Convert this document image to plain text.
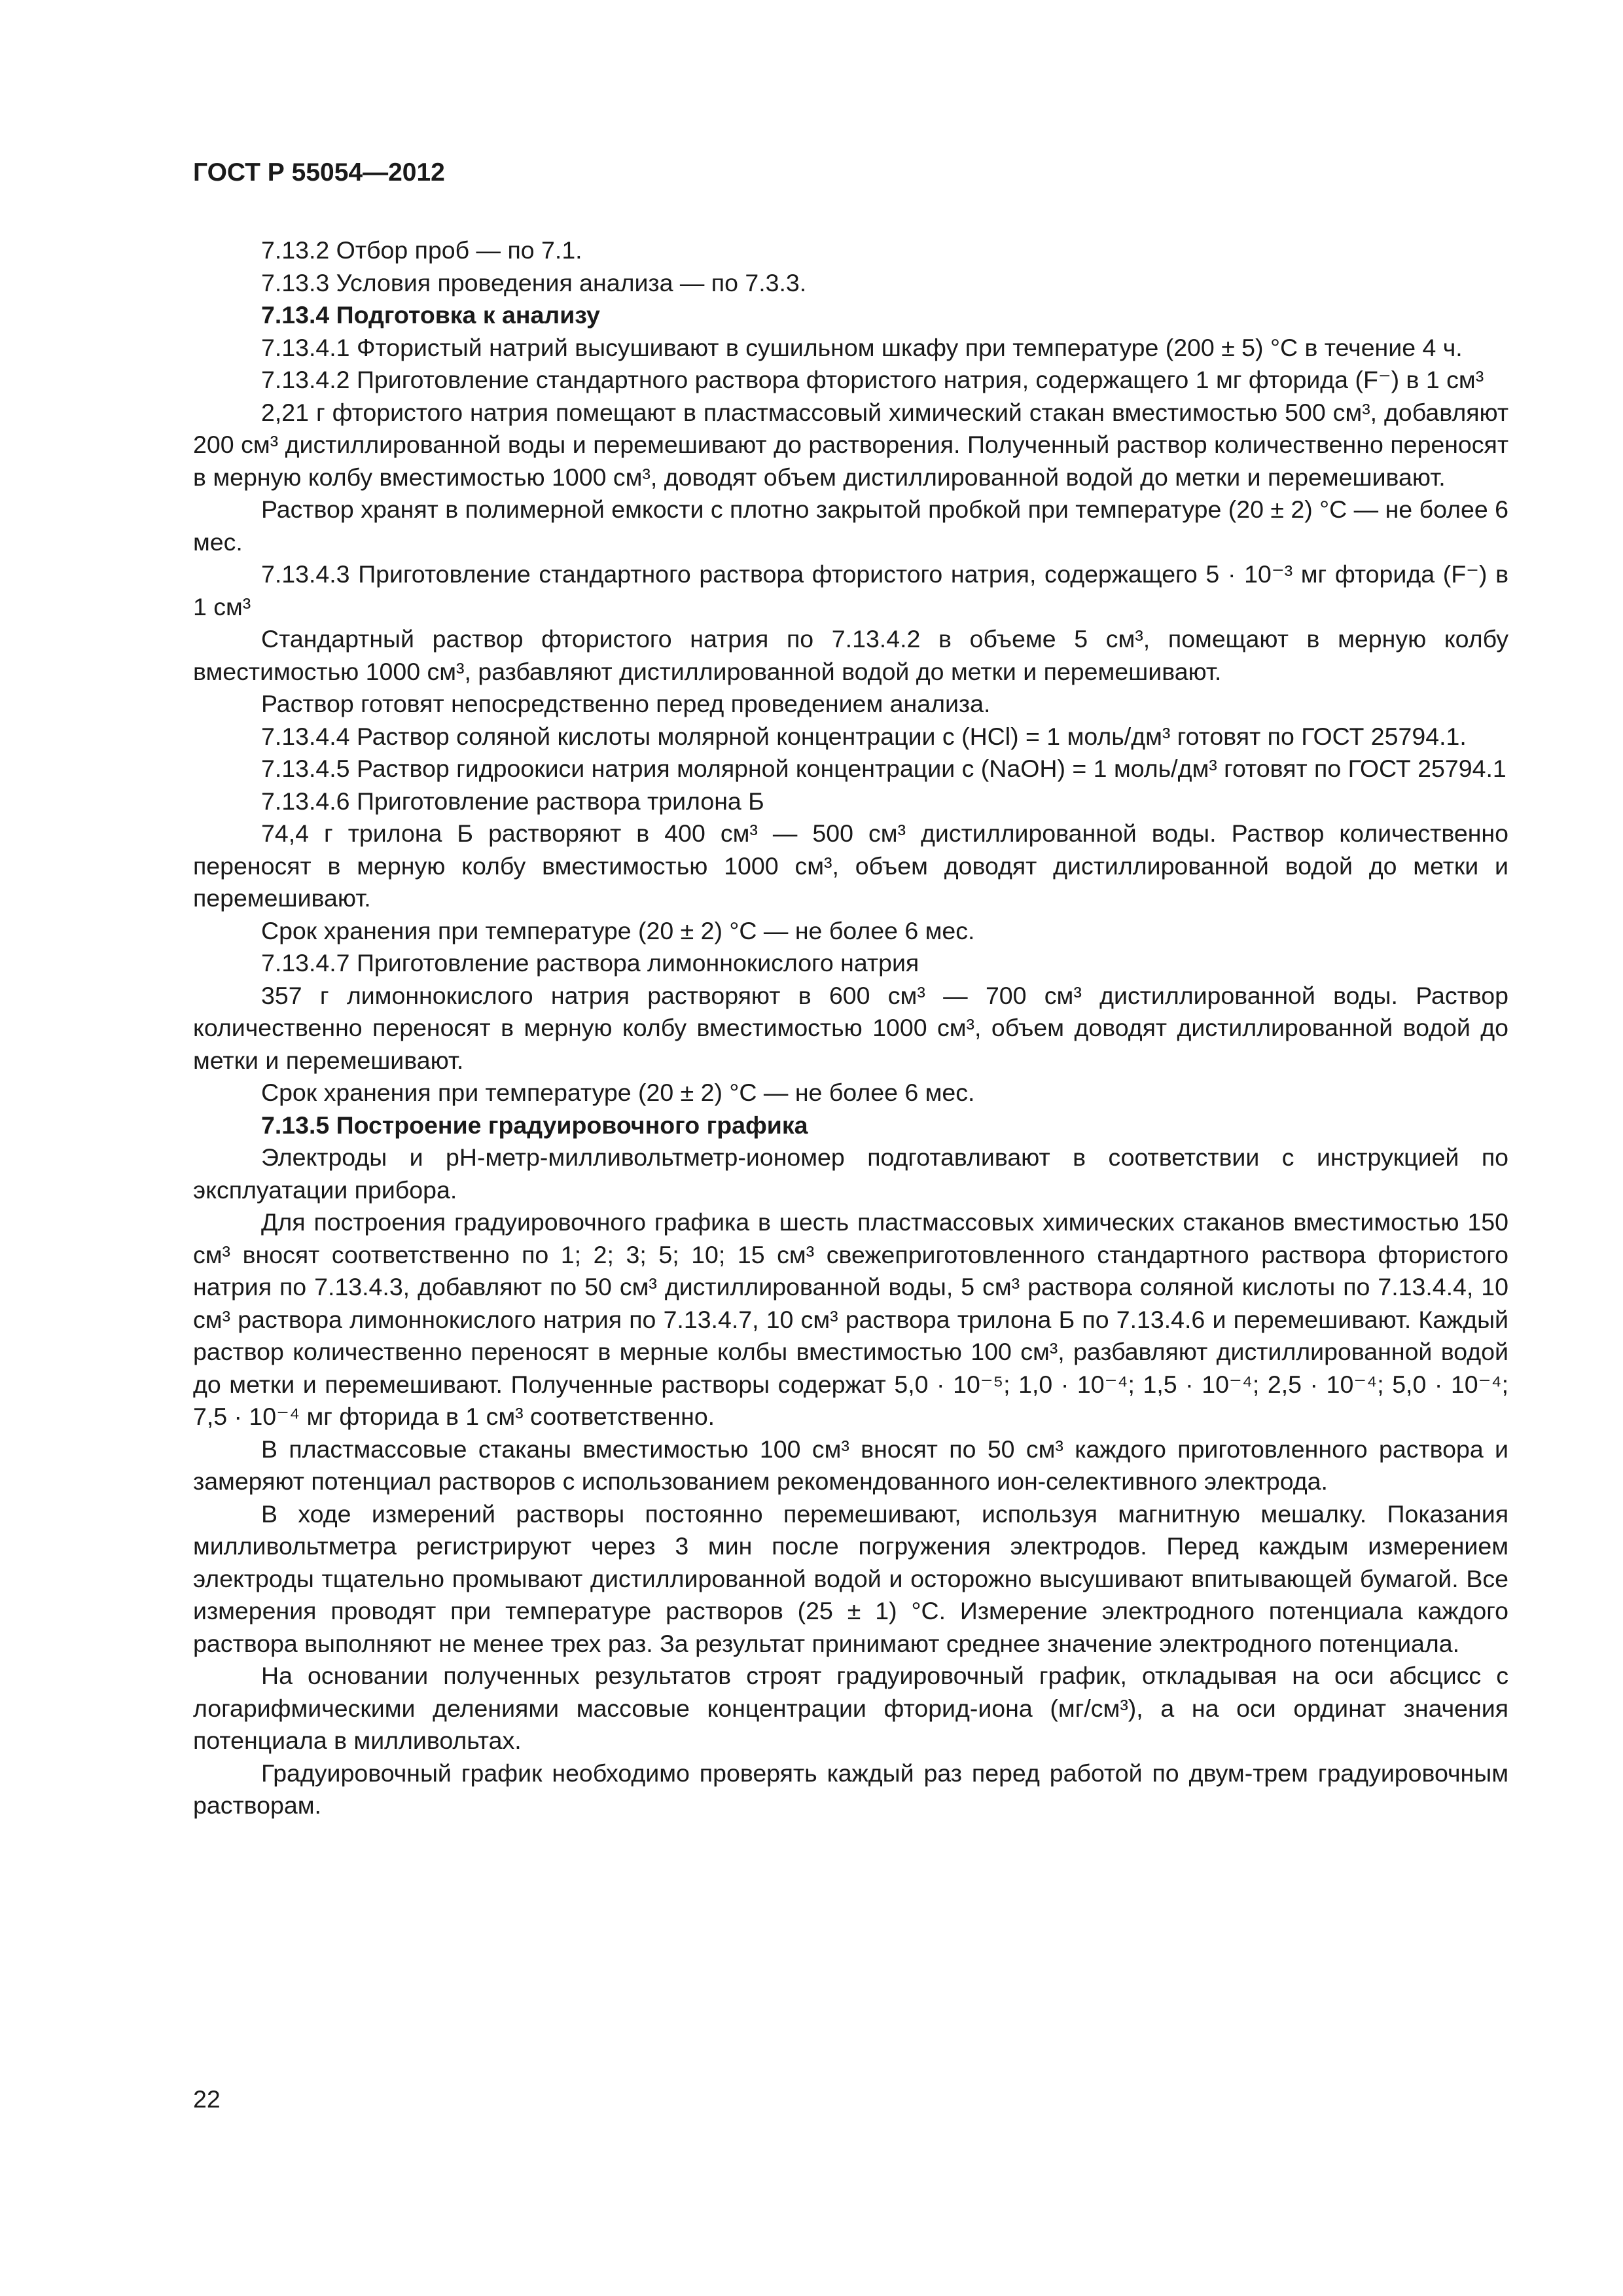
ГОСТ Р 55054—2012

7.13.2 Отбор проб — по 7.1.

7.13.3 Условия проведения анализа — по 7.3.3.

7.13.4 Подготовка к анализу

7.13.4.1 Фтористый натрий высушивают в сушильном шкафу при температуре (200 ± 5) °С в течение 4 ч.

7.13.4.2 Приготовление стандартного раствора фтористого натрия, содержащего 1 мг фторида (F⁻) в 1 см³

2,21 г фтористого натрия помещают в пластмассовый химический стакан вместимостью 500 см³, добавляют 200 см³ дистиллированной воды и перемешивают до растворения. Полученный раствор количественно переносят в мерную колбу вместимостью 1000 см³, доводят объем дистиллированной водой до метки и перемешивают.

Раствор хранят в полимерной емкости с плотно закрытой пробкой при температуре (20 ± 2) °С — не более 6 мес.

7.13.4.3 Приготовление стандартного раствора фтористого натрия, содержащего 5 · 10⁻³ мг фторида (F⁻) в 1 см³

Стандартный раствор фтористого натрия по 7.13.4.2 в объеме 5 см³, помещают в мерную колбу вместимостью 1000 см³, разбавляют дистиллированной водой до метки и перемешивают.

Раствор готовят непосредственно перед проведением анализа.

7.13.4.4 Раствор соляной кислоты молярной концентрации c (HCl) = 1 моль/дм³ готовят по ГОСТ 25794.1.

7.13.4.5 Раствор гидроокиси натрия молярной концентрации c (NaOH) = 1 моль/дм³ готовят по ГОСТ 25794.1

7.13.4.6 Приготовление раствора трилона Б

74,4 г трилона Б растворяют в 400 см³ — 500 см³ дистиллированной воды. Раствор количественно переносят в мерную колбу вместимостью 1000 см³, объем доводят дистиллированной водой до метки и перемешивают.

Срок хранения при температуре (20 ± 2) °С — не более 6 мес.

7.13.4.7 Приготовление раствора лимоннокислого натрия

357 г лимоннокислого натрия растворяют в 600 см³ — 700 см³ дистиллированной воды. Раствор количественно переносят в мерную колбу вместимостью 1000 см³, объем доводят дистиллированной водой до метки и перемешивают.

Срок хранения при температуре (20 ± 2) °С — не более 6 мес.

7.13.5 Построение градуировочного графика

Электроды и рН-метр-милливольтметр-иономер подготавливают в соответствии с инструкцией по эксплуатации прибора.

Для построения градуировочного графика в шесть пластмассовых химических стаканов вместимостью 150 см³ вносят соответственно по 1; 2; 3; 5; 10; 15 см³ свежеприготовленного стандартного раствора фтористого натрия по 7.13.4.3, добавляют по 50 см³ дистиллированной воды, 5 см³ раствора соляной кислоты по 7.13.4.4, 10 см³ раствора лимоннокислого натрия по 7.13.4.7, 10 см³ раствора трилона Б по 7.13.4.6 и перемешивают. Каждый раствор количественно переносят в мерные колбы вместимостью 100 см³, разбавляют дистиллированной водой до метки и перемешивают. Полученные растворы содержат 5,0 · 10⁻⁵; 1,0 · 10⁻⁴; 1,5 · 10⁻⁴; 2,5 · 10⁻⁴; 5,0 · 10⁻⁴; 7,5 · 10⁻⁴ мг фторида в 1 см³ соответственно.

В пластмассовые стаканы вместимостью 100 см³ вносят по 50 см³ каждого приготовленного раствора и замеряют потенциал растворов с использованием рекомендованного ион-селективного электрода.

В ходе измерений растворы постоянно перемешивают, используя магнитную мешалку. Показания милливольтметра регистрируют через 3 мин после погружения электродов. Перед каждым измерением электроды тщательно промывают дистиллированной водой и осторожно высушивают впитывающей бумагой. Все измерения проводят при температуре растворов (25 ± 1) °С. Измерение электродного потенциала каждого раствора выполняют не менее трех раз. За результат принимают среднее значение электродного потенциала.

На основании полученных результатов строят градуировочный график, откладывая на оси абсцисс с логарифмическими делениями массовые концентрации фторид-иона (мг/см³), а на оси ординат значения потенциала в милливольтах.

Градуировочный график необходимо проверять каждый раз перед работой по двум-трем градуировочным растворам.

22
